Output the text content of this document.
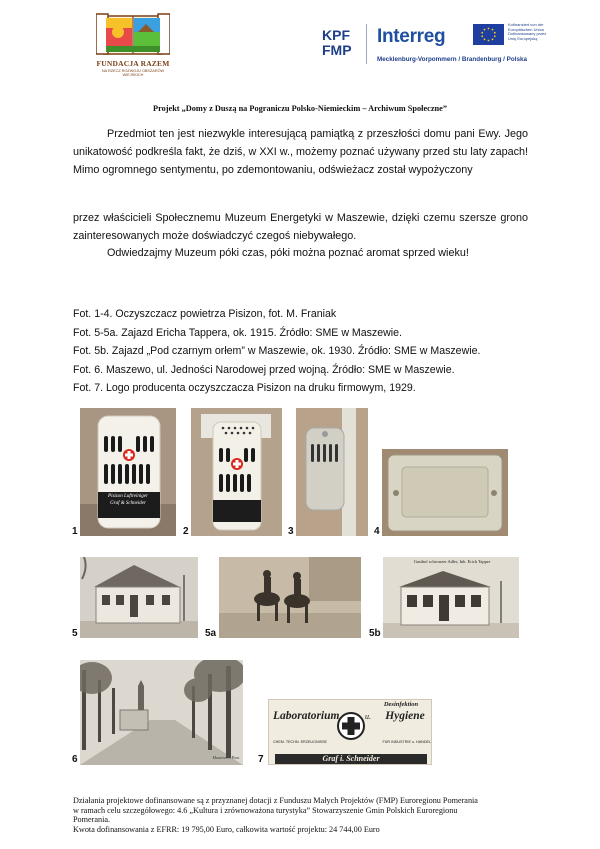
FUNDACJA RAZEM
NA RZECZ ROZWOJU OBSZARÓW WIEJSKICH
KPF
FMP
Interreg
Mecklenburg-Vorpommern / Brandenburg / Polska
Kofinanziert von der
Europäischen Union
Dofinansowany przez
Unię Europejską
Projekt „Domy z Duszą na Pograniczu Polsko-Niemieckim – Archiwum Społeczne”
Przedmiot ten jest niezwykle interesującą pamiątką z przeszłości domu pani Ewy. Jego unikatowość podkreśla fakt, że dziś, w XXI w., możemy poznać używany przed stu laty zapach! Mimo ogromnego sentymentu, po zdemontowaniu, odświeżacz został wypożyczony
przez właścicieli Społecznemu Muzeum Energetyki w Maszewie, dzięki czemu szersze grono zainteresowanych może doświadczyć czegoś niebywałego.
Odwiedzajmy Muzeum póki czas, póki można poznać aromat sprzed wieku!
Fot. 1-4. Oczyszczacz powietrza Pisizon, fot. M. Franiak
Fot. 5-5a. Zajazd Ericha Tappera, ok. 1915. Źródło: SME w Maszewie.
Fot. 5b. Zajazd „Pod czarnym orłem” w Maszewie, ok. 1930. Źródło: SME w Maszewie.
Fot. 6. Maszewo, ul. Jedności Narodowej przed wojną. Źródło: SME w Maszewie.
Fot. 7. Logo producenta oczyszczacza Pisizon na druku firmowym, 1929.
1
Pisizon Luftreiniger
Graf & Schneider
2	3	4
5	5a	5b
Gasthof schwarzer Adler, Inh. Erich Tapper
6	Maszewo i. Pom. 7
Laboratorium	Hygiene
u.
Desinfektion
CHEM. TECHN. ERZEUGNISSE	FÜR INDUSTRIE u. HANDEL
Graf i. Schneider
Działania projektowe dofinansowane są z przyznanej dotacji z Funduszu Małych Projektów (FMP) Euroregionu Pomerania
w ramach celu szczegółowego: 4.6 „Kultura i zrównoważona turystyka” Stowarzyszenie Gmin Polskich Euroregionu
Pomerania.
Kwota dofinansowania z EFRR: 19 795,00 Euro, całkowita wartość projektu: 24 744,00 Euro
